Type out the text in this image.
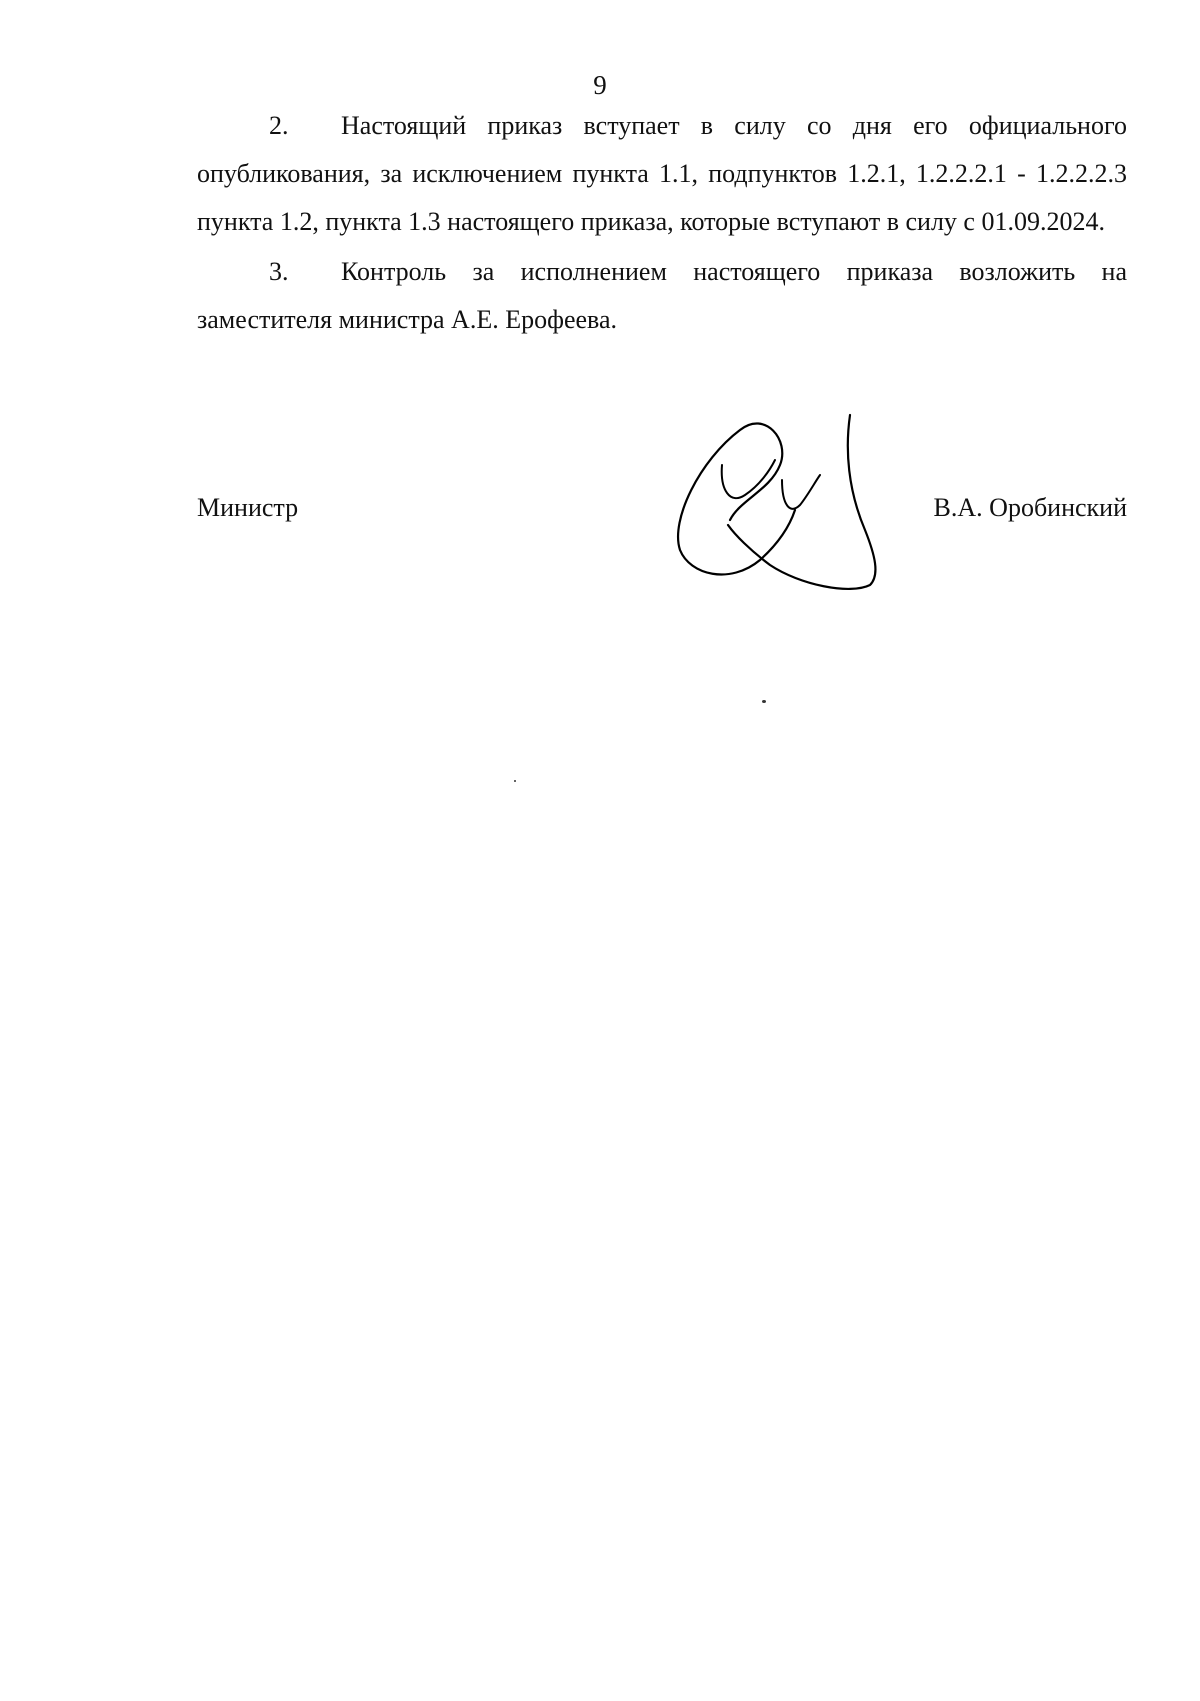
9

2. Настоящий приказ вступает в силу со дня его официального опубликования, за исключением пункта 1.1, подпунктов 1.2.1, 1.2.2.2.1 - 1.2.2.2.3 пункта 1.2, пункта 1.3 настоящего приказа, которые вступают в силу с 01.09.2024.

3. Контроль за исполнением настоящего приказа возложить на заместителя министра А.Е. Ерофеева.

Министр	В.А. Оробинский
